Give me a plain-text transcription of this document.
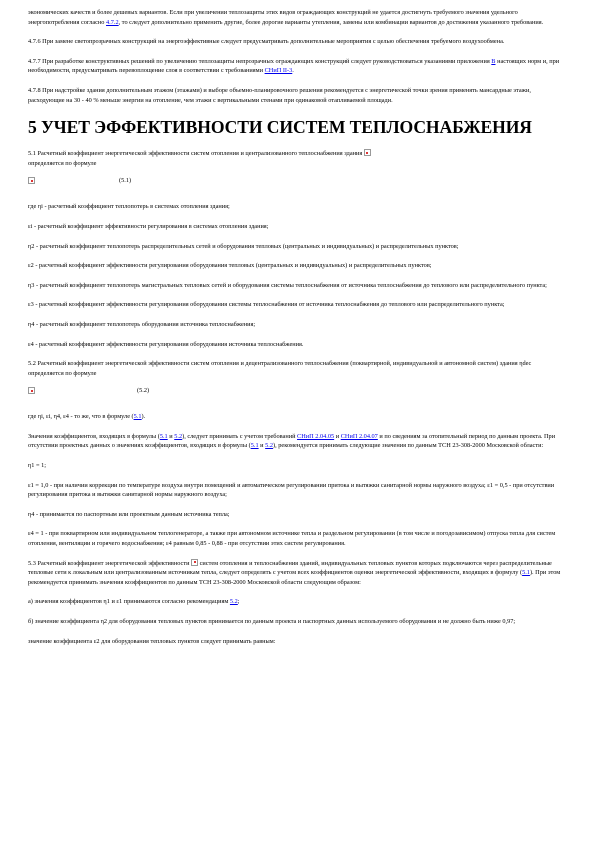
экономических качеств и более дешевых вариантов. Если при увеличении теплозащиты этих видов ограждающих конструкций не удается достигнуть требуемого значения удельного энергопотребления согласно 4.7.2, то следует дополнительно применить другие, более дорогие варианты утепления, замены или комбинации вариантов до достижения указанного требования.

4.7.6 При замене светопрозрачных конструкций на энергоэффективные следует предусматривать дополнительные мероприятия с целью обеспечения требуемого воздухообмена.

4.7.7 При разработке конструктивных решений по увеличению теплозащиты непрозрачных ограждающих конструкций следует руководствоваться указаниями приложения В настоящих норм и, при необходимости, предусматривать перевоплощение слоя в соответствии с требованиями СНиП II-3.

4.7.8 При надстройке здания дополнительным этажом (этажами) и выборе объемно-планировочного решения рекомендуется с энергетической точки зрения применять мансардные этажи, расходующие на 30 - 40 % меньше энергии на отопление, чем этажи с вертикальными стенами при одинаковой отапливаемой площади.

5 УЧЕТ ЭФФЕКТИВНОСТИ СИСТЕМ ТЕПЛОСНАБЖЕНИЯ

5.1 Расчетный коэффициент энергетической эффективности систем отопления и централизованного теплоснабжения здания
определяется по формуле

(5.1)

где ηi - расчетный коэффициент теплопотерь в системах отопления здания;

εi - расчетный коэффициент эффективности регулирования в системах отопления здания;

η2 - расчетный коэффициент теплопотерь распределительных сетей и оборудования тепловых (центральных и индивидуальных) и распределительных пунктов;

ε2 - расчетный коэффициент эффективности регулирования оборудования тепловых (центральных и индивидуальных) и распределительных пунктов;

η3 - расчетный коэффициент теплопотерь магистральных тепловых сетей и оборудования системы теплоснабжения от источника теплоснабжения до теплового или распределительного пункта;

ε3 - расчетный коэффициент эффективности регулирования оборудования системы теплоснабжения от источника теплоснабжения до теплового или распределительного пункта;

η4 - расчетный коэффициент теплопотерь оборудования источника теплоснабжения;

ε4 - расчетный коэффициент эффективности регулирования оборудования источника теплоснабжения.

5.2 Расчетный коэффициент энергетической эффективности систем отопления и децентрализованного теплоснабжения (поквартирной, индивидуальной и автономной систем) здания ηdec определяется по формуле

(5.2)

где ηi, εi, η4, ε4 - то же, что в формуле (5.1).

Значения коэффициентов, входящих в формулы (5.1 и 5.2), следует принимать с учетом требований СНиП 2.04.05 и СНиП 2.04.07 и по сведениям за отопительный период по данным проекта. При отсутствии проектных данных о значениях коэффициентов, входящих в формулы (5.1 и 5.2), рекомендуется принимать следующие значения по данным ТСН 23-308-2000 Московской области:

η1 = 1;

ε1 = 1,0 - при наличии коррекции по температуре воздуха внутри помещений и автоматическом регулировании притока и вытяжки санитарной нормы наружного воздуха; ε1 = 0,5 - при отсутствии регулирования притока и вытяжки санитарной нормы наружного воздуха;

η4 - принимается по паспортным или проектным данным источника тепла;

ε4 = 1 - при поквартирном или индивидуальном теплогенераторе, а также при автономном источнике тепла и раздельном регулировании (в том числе и погодозависимом) отпуска тепла для систем отопления, вентиляции и горячего водоснабжения; ε4 равным 0,85 - 0,88 - при отсутствии этих систем регулирования.

5.3 Расчетный коэффициент энергетической эффективности  систем отопления и теплоснабжения зданий, индивидуальных тепловых пунктов которых подключаются через распределительные тепловые сети к локальным или централизованным источникам тепла, следует определять с учетом всех коэффициентов оценки энергетической эффективности, входящих в формулу (5.1). При этом рекомендуется принимать значения коэффициентов по данным ТСН 23-308-2000 Московской области следующим образом:

а) значения коэффициентов η1 и ε1 принимаются согласно рекомендациям 5.2;

б) значение коэффициента η2 для оборудования тепловых пунктов принимается по данным проекта и паспортных данных используемого оборудования и не должно быть ниже 0,97;

значение коэффициента ε2 для оборудования тепловых пунктов следует принимать равным:
